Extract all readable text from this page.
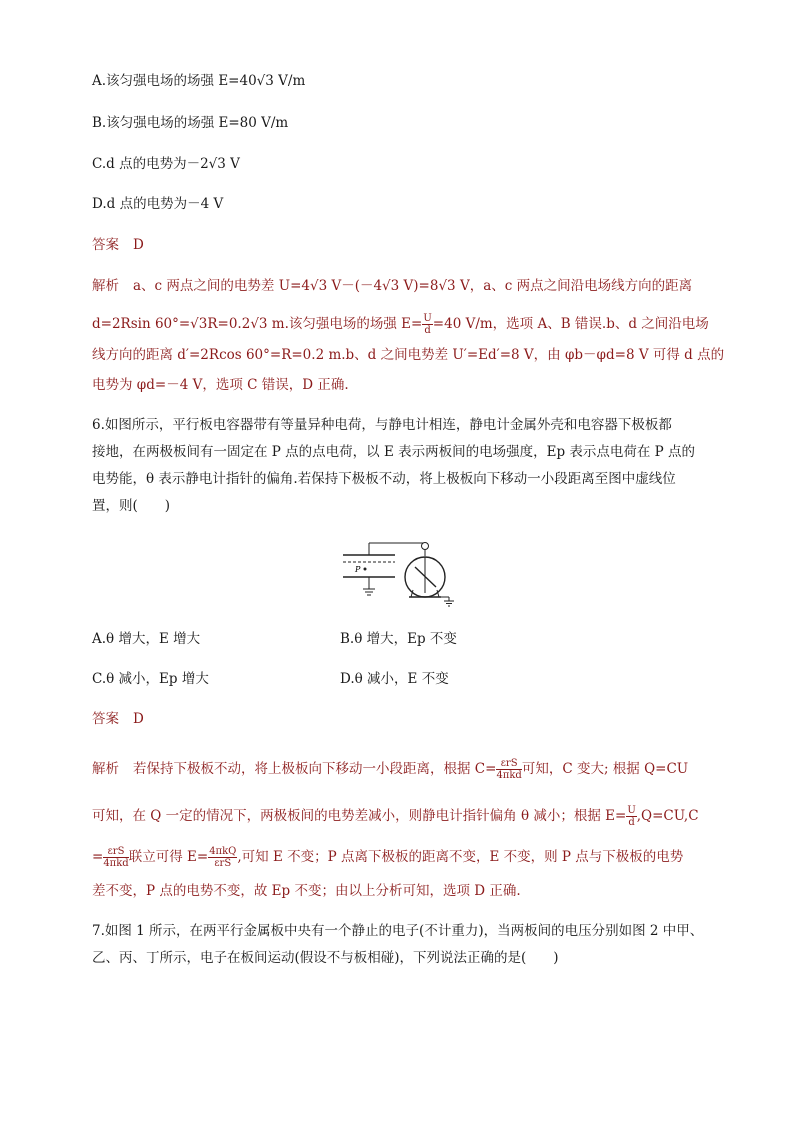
A.该匀强电场的场强 E=40√3 V/m
B.该匀强电场的场强 E=80 V/m
C.d 点的电势为－2√3 V
D.d 点的电势为－4 V
答案 D
解析 a、c 两点之间的电势差 U=4√3 V－(－4√3 V)=8√3 V，a、c 两点之间沿电场线方向的距离
d=2Rsin 60°=√3R=0.2√3 m.该匀强电场的场强 $E= \frac{U}{d} =40$ V/m，选项 A、B 错误.b、d 之间沿电场
线方向的距离 d′=2Rcos 60°=R=0.2 m.b、d 之间电势差 U′=Ed′=8 V，由 φb－φd=8 V 可得 d 点的
电势为 φd=－4 V，选项 C 错误，D 正确.
6.如图所示，平行板电容器带有等量异种电荷，与静电计相连，静电计金属外壳和电容器下极板都
接地，在两极板间有一固定在 P 点的点电荷，以 E 表示两板间的电场强度，Ep 表示点电荷在 P 点的
电势能，θ 表示静电计指针的偏角.若保持下极板不动，将上极板向下移动一小段距离至图中虚线位
置，则(　　)
P
A.θ 增大，E 增大	B.θ 增大，Ep 不变
C.θ 减小，Ep 增大	D.θ 减小，E 不变
答案 D
解析 若保持下极板不动，将上极板向下移动一小段距离，根据 $C= \frac{\text{εrS}}{\text{4πkd}}$ 可知，C 变大; 根据 Q=CU
可知，在 Q 一定的情况下，两极板间的电势差减小，则静电计指针偏角 θ 减小；根据 $E= \frac{U}{d} ,Q=CU,C$
= $\frac{\text{εrS}}{\text{4πkd}}$ 联立可得 $E= \frac{\text{4πkQ}}{\text{εrS}}$ ,可知 E 不变；P 点离下极板的距离不变，E 不变，则 P 点与下极板的电势
差不变，P 点的电势不变，故 Ep 不变；由以上分析可知，选项 D 正确.
7.如图 1 所示，在两平行金属板中央有一个静止的电子(不计重力)，当两板间的电压分别如图 2 中甲、
乙、丙、丁所示，电子在板间运动(假设不与板相碰)，下列说法正确的是(　　)
